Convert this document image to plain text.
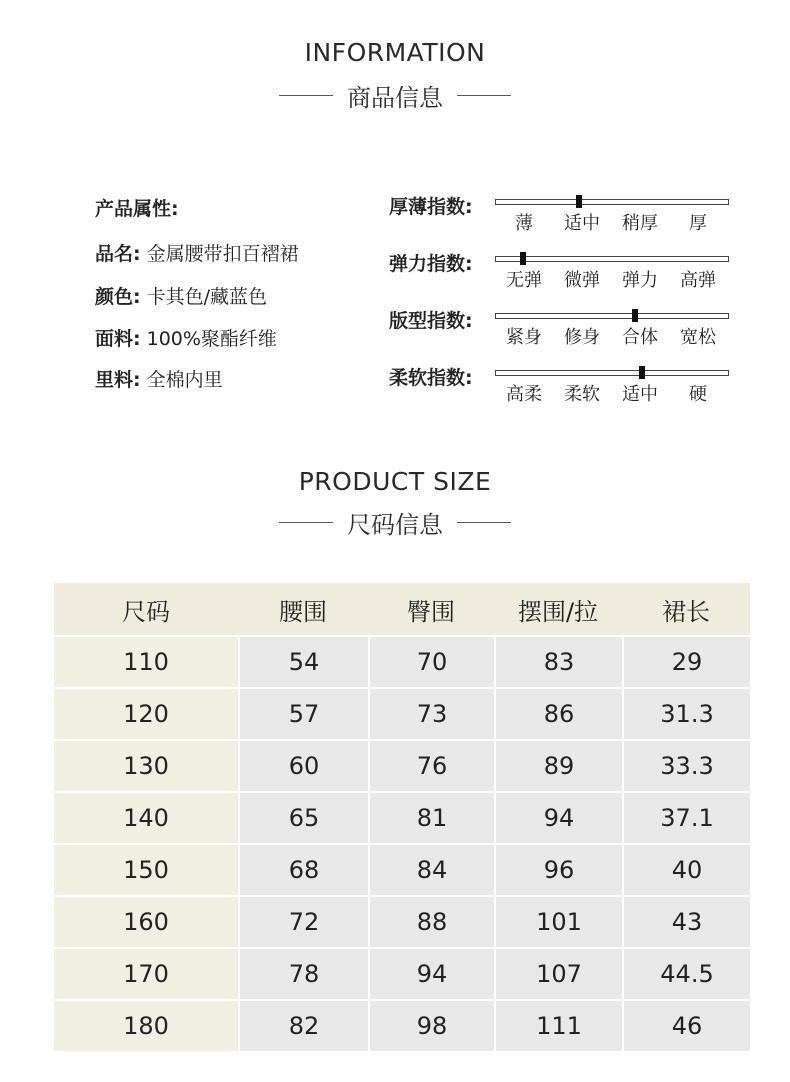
INFORMATION
商品信息
产品属性:
品名: 金属腰带扣百褶裙
颜色: 卡其色/藏蓝色
面料: 100%聚酯纤维
里料: 全棉内里
厚薄指数:
薄	适中	稍厚	厚
弹力指数:
无弹	微弹	弹力	高弹
版型指数:
紧身	修身	合体	宽松
柔软指数:
高柔	柔软	适中	硬
PRODUCT SIZE
尺码信息
尺码	腰围	臀围	摆围/拉	裙长
110	54	70	83	29
120	57	73	86	31.3
130	60	76	89	33.3
140	65	81	94	37.1
150	68	84	96	40
160	72	88	101	43
170	78	94	107	44.5
180	82	98	111	46
